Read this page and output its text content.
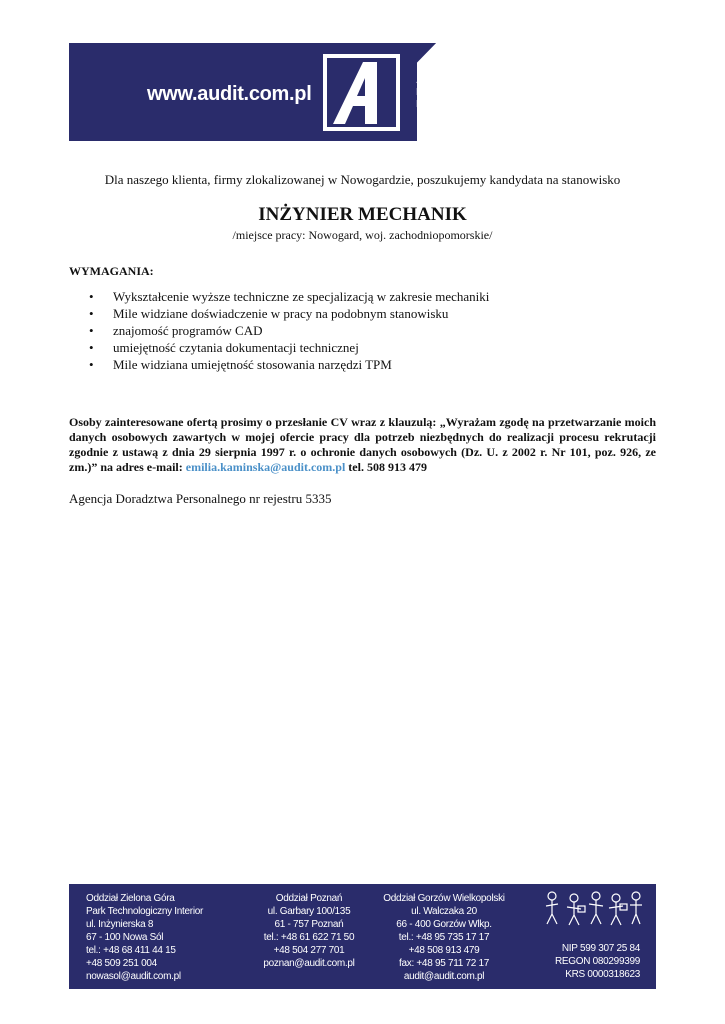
www.audit.com.pl
AUDIT
Doradztwo Personalne Sp. z o.o.
ROK ZAŁOŻENIA 1999
Dla naszego klienta, firmy zlokalizowanej w Nowogardzie, poszukujemy kandydata na stanowisko
INŻYNIER MECHANIK
/miejsce pracy: Nowogard, woj. zachodniopomorskie/
WYMAGANIA:
• Wykształcenie wyższe techniczne ze specjalizacją w zakresie mechaniki
• Mile widziane doświadczenie w pracy na podobnym stanowisku
• znajomość programów CAD
• umiejętność czytania dokumentacji technicznej
• Mile widziana umiejętność stosowania narzędzi TPM
Osoby zainteresowane ofertą prosimy o przesłanie CV wraz z klauzulą: „Wyrażam zgodę na przetwarzanie moich danych osobowych zawartych w mojej ofercie pracy dla potrzeb niezbędnych do realizacji procesu rekrutacji zgodnie z ustawą z dnia 29 sierpnia 1997 r. o ochronie danych osobowych (Dz. U. z 2002 r. Nr 101, poz. 926, ze zm.)” na adres e-mail: emilia.kaminska@audit.com.pl tel. 508 913 479
Agencja Doradztwa Personalnego nr rejestru 5335
Oddział Zielona Góra
Park Technologiczny Interior
ul. Inżynierska 8
67 - 100 Nowa Sól
tel.: +48 68 411 44 15
+48 509 251 004
nowasol@audit.com.pl
Oddział Poznań
ul. Garbary 100/135
61 - 757 Poznań
tel.: +48 61 622 71 50
+48 504 277 701
poznan@audit.com.pl
Oddział Gorzów Wielkopolski
ul. Walczaka 20
66 - 400 Gorzów Wlkp.
tel.: +48 95 735 17 17
+48 508 913 479
fax: +48 95 711 72 17
audit@audit.com.pl
NIP 599 307 25 84
REGON 080299399
KRS 0000318623
